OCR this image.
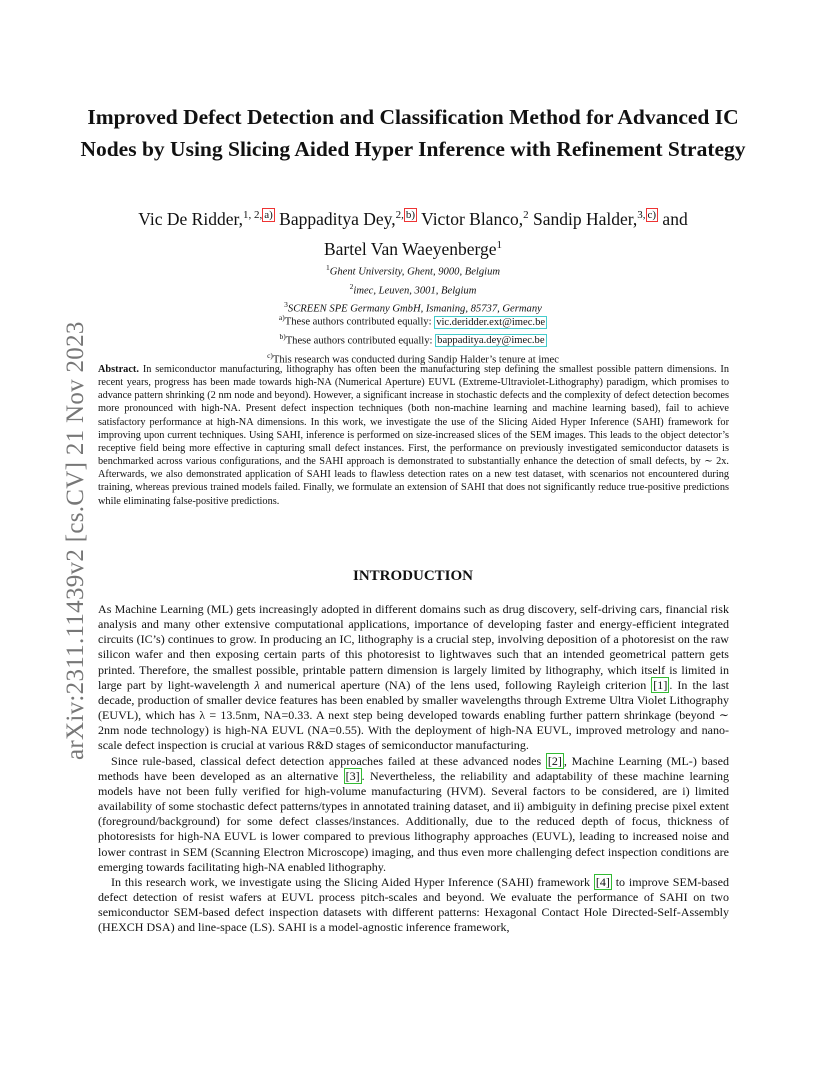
arXiv:2311.11439v2 [cs.CV] 21 Nov 2023
Improved Defect Detection and Classification Method for Advanced IC Nodes by Using Slicing Aided Hyper Inference with Refinement Strategy
Vic De Ridder,$^{1, 2, a)}$ Bappaditya Dey,$^{2, b)}$ Victor Blanco,$^2$ Sandip Halder,$^{3, c)}$ and
Bartel Van Waeyenberge$^1$
$^1$Ghent University, Ghent, 9000, Belgium
$^2$imec, Leuven, 3001, Belgium
$^3$SCREEN SPE Germany GmbH, Ismaning, 85737, Germany
$^{a)}$These authors contributed equally: vic.deridder.ext@imec.be
$^{b)}$These authors contributed equally: bappaditya.dey@imec.be
$^{c)}$This research was conducted during Sandip Halder’s tenure at imec
Abstract. In semiconductor manufacturing, lithography has often been the manufacturing step defining the smallest possible pattern dimensions. In recent years, progress has been made towards high-NA (Numerical Aperture) EUVL (Extreme-Ultraviolet-Lithography) paradigm, which promises to advance pattern shrinking (2 nm node and beyond). However, a significant increase in stochastic defects and the complexity of defect detection becomes more pronounced with high-NA. Present defect inspection techniques (both non-machine learning and machine learning based), fail to achieve satisfactory performance at high-NA dimensions. In this work, we investigate the use of the Slicing Aided Hyper Inference (SAHI) framework for improving upon current techniques. Using SAHI, inference is performed on size-increased slices of the SEM images. This leads to the object detector’s receptive field being more effective in capturing small defect instances. First, the performance on previously investigated semiconductor datasets is benchmarked across various configurations, and the SAHI approach is demonstrated to substantially enhance the detection of small defects, by ∼ 2x. Afterwards, we also demonstrated application of SAHI leads to flawless detection rates on a new test dataset, with scenarios not encountered during training, whereas previous trained models failed. Finally, we formulate an extension of SAHI that does not significantly reduce true-positive predictions while eliminating false-positive predictions.
INTRODUCTION

As Machine Learning (ML) gets increasingly adopted in different domains such as drug discovery, self-driving cars, financial risk analysis and many other extensive computational applications, importance of developing faster and energy-efficient integrated circuits (IC’s) continues to grow. In producing an IC, lithography is a crucial step, involving deposition of a photoresist on the raw silicon wafer and then exposing certain parts of this photoresist to lightwaves such that an intended geometrical pattern gets printed. Therefore, the smallest possible, printable pattern dimension is largely limited by lithography, which itself is limited in large part by light-wavelength λ and numerical aperture (NA) of the lens used, following Rayleigh criterion [1] . In the last decade, production of smaller device features has been enabled by smaller wavelengths through Extreme Ultra Violet Lithography (EUVL), which has λ = 13.5nm, NA=0.33. A next step being developed towards enabling further pattern shrinkage (beyond ∼ 2nm node technology) is high-NA EUVL (NA=0.55). With the deployment of high-NA EUVL, improved metrology and nano-scale defect inspection is crucial at various R&D stages of semiconductor manufacturing.

Since rule-based, classical defect detection approaches failed at these advanced nodes [2] , Machine Learning (ML-) based methods have been developed as an alternative [3] . Nevertheless, the reliability and adaptability of these machine learning models have not been fully verified for high-volume manufacturing (HVM). Several factors to be considered, are i) limited availability of some stochastic defect patterns/types in annotated training dataset, and ii) ambiguity in defining precise pixel extent (foreground/background) for some defect classes/instances. Additionally, due to the reduced depth of focus, thickness of photoresists for high-NA EUVL is lower compared to previous lithography approaches (EUVL), leading to increased noise and lower contrast in SEM (Scanning Electron Microscope) imaging, and thus even more challenging defect inspection conditions are emerging towards facilitating high-NA enabled lithography.

In this research work, we investigate using the Slicing Aided Hyper Inference (SAHI) framework [4] to improve SEM-based defect detection of resist wafers at EUVL process pitch-scales and beyond. We evaluate the performance of SAHI on two semiconductor SEM-based defect inspection datasets with different patterns: Hexagonal Contact Hole Directed-Self-Assembly (HEXCH DSA) and line-space (LS). SAHI is a model-agnostic inference framework,
